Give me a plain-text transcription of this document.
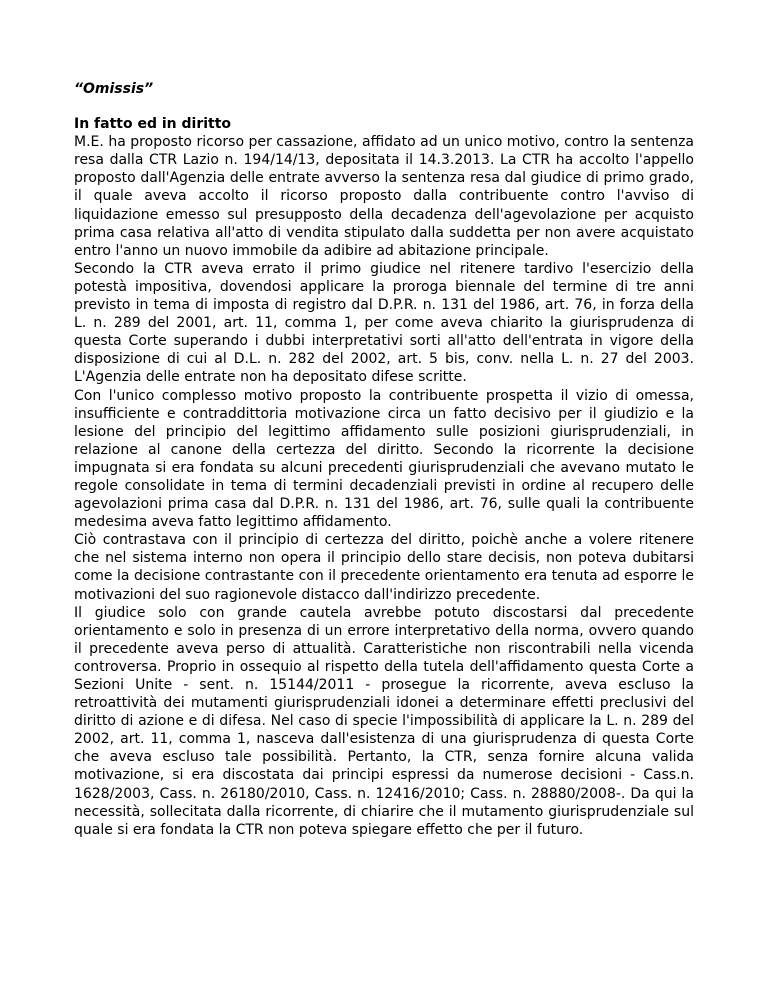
“Omissis”

In fatto ed in diritto

M.E. ha proposto ricorso per cassazione, affidato ad un unico motivo, contro la sentenza resa dalla CTR Lazio n. 194/14/13, depositata il 14.3.2013. La CTR ha accolto l'appello proposto dall'Agenzia delle entrate avverso la sentenza resa dal giudice di primo grado, il quale aveva accolto il ricorso proposto dalla contribuente contro l'avviso di liquidazione emesso sul presupposto della decadenza dell'agevolazione per acquisto prima casa relativa all'atto di vendita stipulato dalla suddetta per non avere acquistato entro l'anno un nuovo immobile da adibire ad abitazione principale.

Secondo la CTR aveva errato il primo giudice nel ritenere tardivo l'esercizio della potestà impositiva, dovendosi applicare la proroga biennale del termine di tre anni previsto in tema di imposta di registro dal D.P.R. n. 131 del 1986, art. 76, in forza della L. n. 289 del 2001, art. 11, comma 1, per come aveva chiarito la giurisprudenza di questa Corte superando i dubbi interpretativi sorti all'atto dell'entrata in vigore della disposizione di cui al D.L. n. 282 del 2002, art. 5 bis, conv. nella L. n. 27 del 2003. L'Agenzia delle entrate non ha depositato difese scritte.

Con l'unico complesso motivo proposto la contribuente prospetta il vizio di omessa, insufficiente e contraddittoria motivazione circa un fatto decisivo per il giudizio e la lesione del principio del legittimo affidamento sulle posizioni giurisprudenziali, in relazione al canone della certezza del diritto. Secondo la ricorrente la decisione impugnata si era fondata su alcuni precedenti giurisprudenziali che avevano mutato le regole consolidate in tema di termini decadenziali previsti in ordine al recupero delle agevolazioni prima casa dal D.P.R. n. 131 del 1986, art. 76, sulle quali la contribuente medesima aveva fatto legittimo affidamento.

Ciò contrastava con il principio di certezza del diritto, poichè anche a volere ritenere che nel sistema interno non opera il principio dello stare decisis, non poteva dubitarsi come la decisione contrastante con il precedente orientamento era tenuta ad esporre le motivazioni del suo ragionevole distacco dall'indirizzo precedente.

Il giudice solo con grande cautela avrebbe potuto discostarsi dal precedente orientamento e solo in presenza di un errore interpretativo della norma, ovvero quando il precedente aveva perso di attualità. Caratteristiche non riscontrabili nella vicenda controversa. Proprio in ossequio al rispetto della tutela dell'affidamento questa Corte a Sezioni Unite - sent. n. 15144/2011 - prosegue la ricorrente, aveva escluso la retroattività dei mutamenti giurisprudenziali idonei a determinare effetti preclusivi del diritto di azione e di difesa. Nel caso di specie l'impossibilità di applicare la L. n. 289 del 2002, art. 11, comma 1, nasceva dall'esistenza di una giurisprudenza di questa Corte che aveva escluso tale possibilità. Pertanto, la CTR, senza fornire alcuna valida motivazione, si era discostata dai principi espressi da numerose decisioni - Cass.n. 1628/2003, Cass. n. 26180/2010, Cass. n. 12416/2010; Cass. n. 28880/2008-. Da qui la necessità, sollecitata dalla ricorrente, di chiarire che il mutamento giurisprudenziale sul quale si era fondata la CTR non poteva spiegare effetto che per il futuro.
